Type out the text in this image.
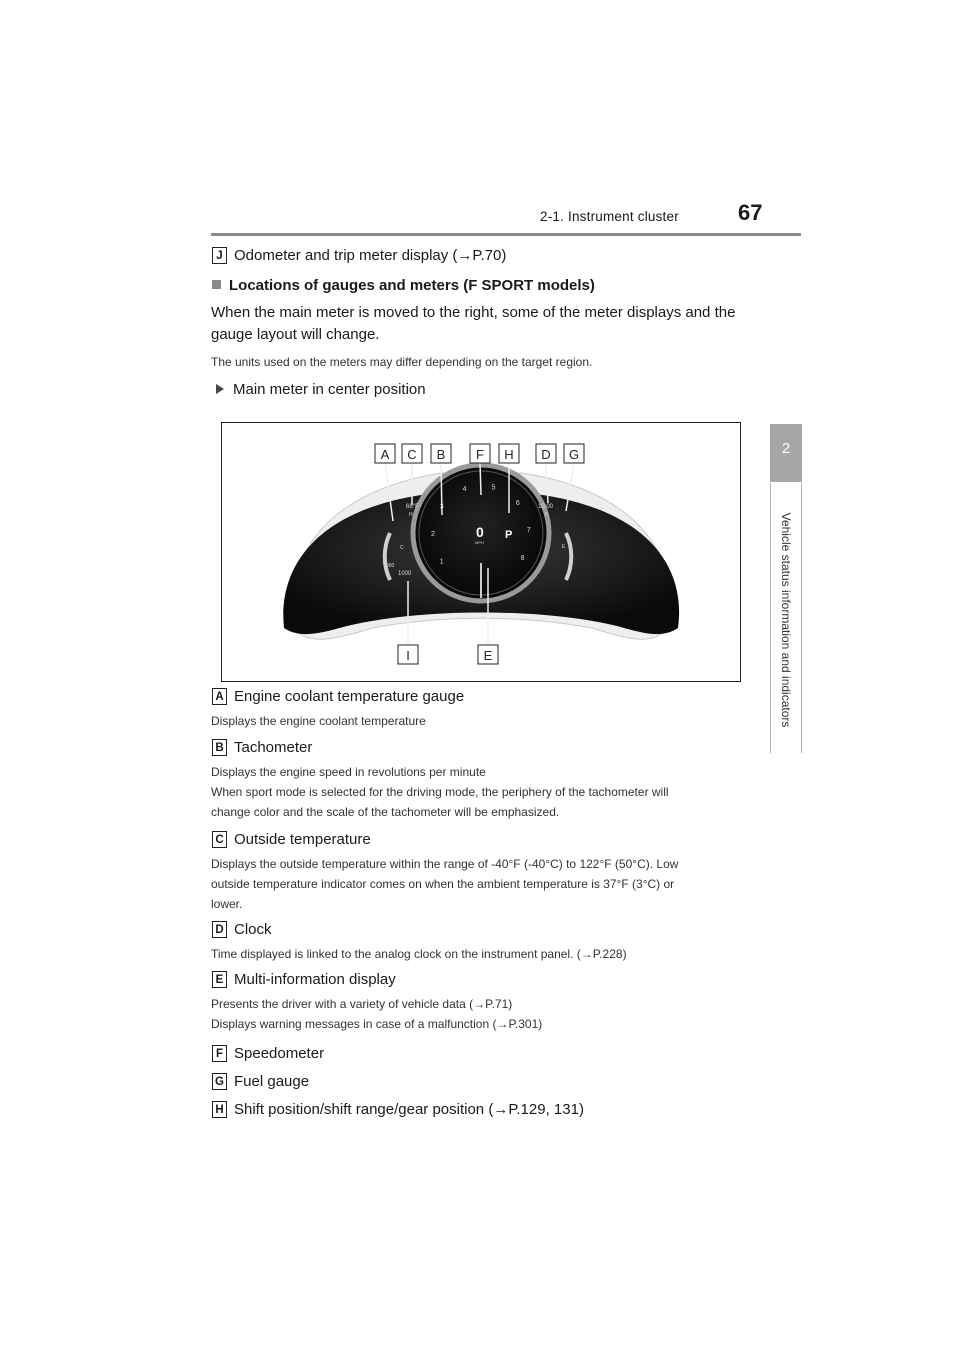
2-1. Instrument cluster	67
2
Vehicle status information and indicators
J Odometer and trip meter display (→P.70)
Locations of gauges and meters (F SPORT models)
When the main meter is moved to the right, some of the meter displays and the
gauge layout will change.
The units used on the meters may differ depending on the target region.
Main meter in center position
1
2
3
4	5
6
7
8
A C B F H D G
I	E
68°F
H
10:00
F
E
C
000
1000
0
MPH
P
A Engine coolant temperature gauge
Displays the engine coolant temperature
B Tachometer
Displays the engine speed in revolutions per minute
When sport mode is selected for the driving mode, the periphery of the tachometer will
change color and the scale of the tachometer will be emphasized.
C Outside temperature
Displays the outside temperature within the range of -40°F (-40°C) to 122°F (50°C). Low
outside temperature indicator comes on when the ambient temperature is 37°F (3°C) or
lower.
D Clock
Time displayed is linked to the analog clock on the instrument panel. (→P.228)
E Multi-information display
Presents the driver with a variety of vehicle data (→P.71)
Displays warning messages in case of a malfunction (→P.301)
F Speedometer
G Fuel gauge
H Shift position/shift range/gear position (→P.129, 131)
